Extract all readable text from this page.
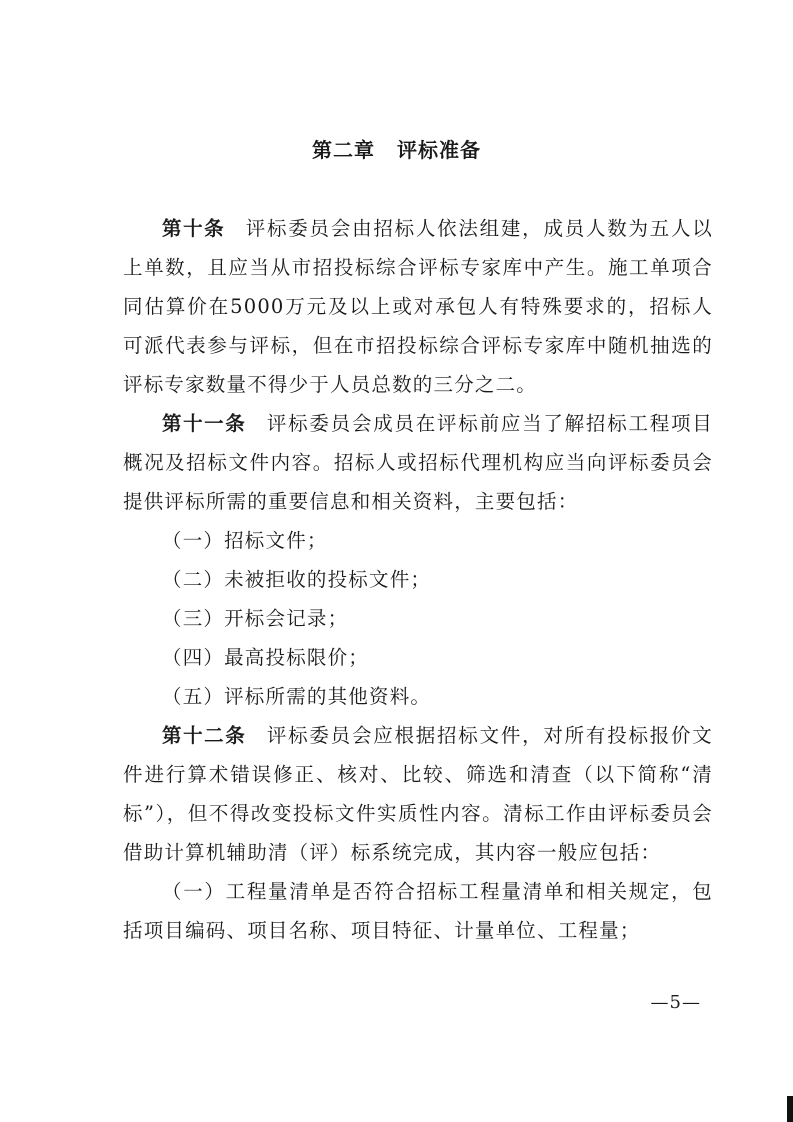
第二章 评标准备

第十条 评标委员会由招标人依法组建，成员人数为五人以上单数，且应当从市招投标综合评标专家库中产生。施工单项合同估算价在5000万元及以上或对承包人有特殊要求的，招标人可派代表参与评标，但在市招投标综合评标专家库中随机抽选的评标专家数量不得少于人员总数的三分之二。

第十一条 评标委员会成员在评标前应当了解招标工程项目概况及招标文件内容。招标人或招标代理机构应当向评标委员会提供评标所需的重要信息和相关资料，主要包括：

（一）招标文件；

（二）未被拒收的投标文件；

（三）开标会记录；

（四）最高投标限价；

（五）评标所需的其他资料。

第十二条 评标委员会应根据招标文件，对所有投标报价文件进行算术错误修正、核对、比较、筛选和清查（以下简称“清标”），但不得改变投标文件实质性内容。清标工作由评标委员会借助计算机辅助清（评）标系统完成，其内容一般应包括：

（一）工程量清单是否符合招标工程量清单和相关规定，包括项目编码、项目名称、项目特征、计量单位、工程量；

—5—
